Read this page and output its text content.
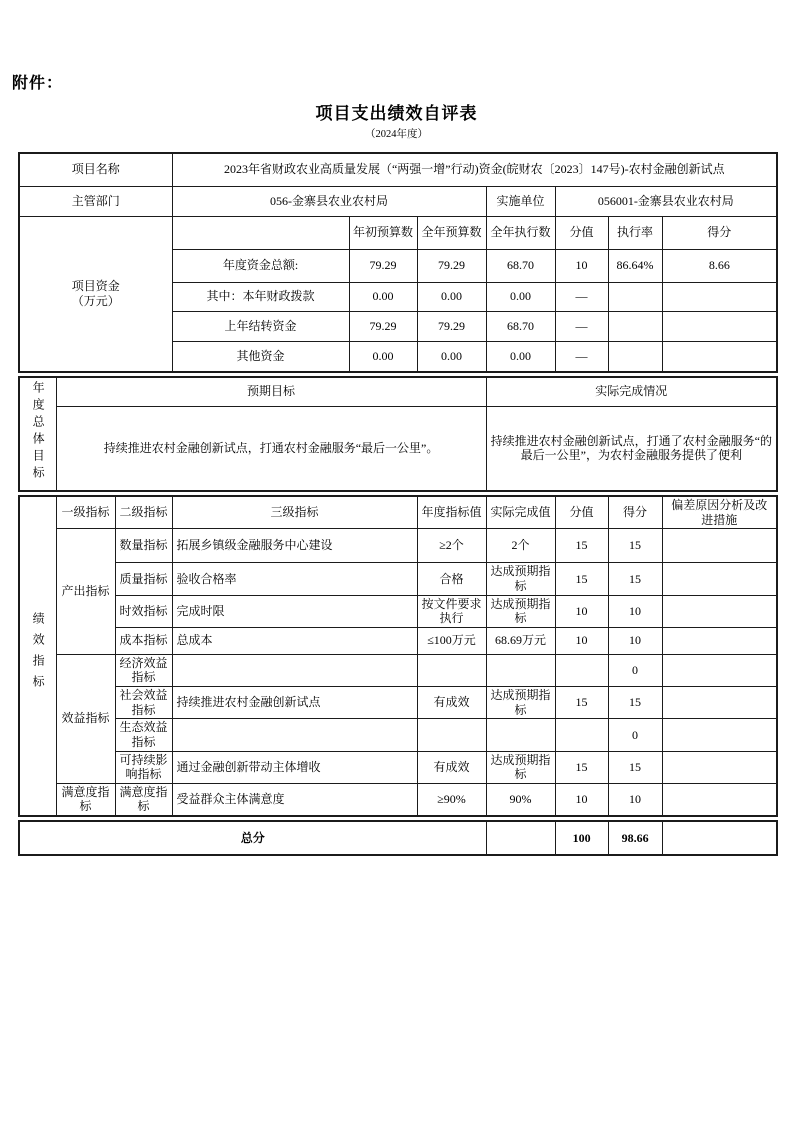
附件：
项目支出绩效自评表
（2024年度）
项目名称	2023年省财政农业高质量发展（“两强一增”行动)资金(皖财农〔2023〕147号)-农村金融创新试点						
主管部门	056-金寨县农业农村局			实施单位	056001-金寨县农业农村局		

项目资金
（万元）		年初预算数	全年预算数	全年执行数	分值	执行率	得分
	年度资金总额:	79.29	79.29	68.70	10	86.64%	8.66
	其中：本年财政拨款	0.00	0.00	0.00	—		
	上年结转资金	79.29	79.29	68.70	—		
	其他资金	0.00	0.00	0.00	—		
年度总体目标	预期目标	实际完成情况
	持续推进农村金融创新试点，打通农村金融服务“最后一公里”。	持续推进农村金融创新试点，打通了农村金融服务“的最后一公里”，为农村金融服务提供了便利
绩效指标	一级指标	二级指标	三级指标	年度指标值	实际完成值	分值	得分	偏差原因分析及改进措施
	产出指标	数量指标	拓展乡镇级金融服务中心建设	≥2个	2个	15	15	
		质量指标	验收合格率	合格	达成预期指标	15	15	
		时效指标	完成时限	按文件要求执行	达成预期指标	10	10	
		成本指标	总成本	≤100万元	68.69万元	10	10	
	效益指标	经济效益指标					0	
		社会效益指标	持续推进农村金融创新试点	有成效	达成预期指标	15	15	
		生态效益指标					0	
		可持续影响指标	通过金融创新带动主体增收	有成效	达成预期指标	15	15	
	满意度指标	满意度指标	受益群众主体满意度	≥90%	90%	10	10	
总分		100	98.66	
